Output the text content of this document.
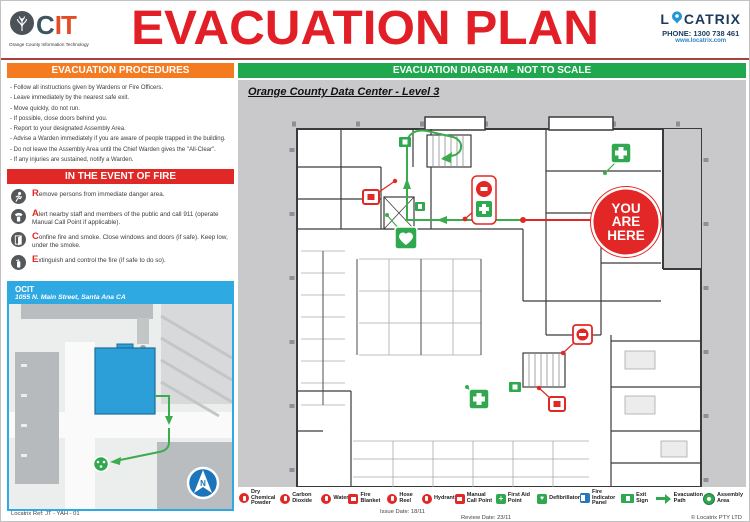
C IT
Orange County Information Technology EVACUATION PLAN	L CATRIX
PHONE: 1300 738 461
www.locatrix.com
EVACUATION PROCEDURES
- Follow all instructions given by Wardens or Fire Officers.
- Leave immediately by the nearest safe exit.
- Move quickly, do not run.
- If possible, close doors behind you.
- Report to your designated Assembly Area.
- Advise a Warden immediately if you are aware of people trapped in the building.
- Do not leave the Assembly Area until the Chief Warden gives the "All-Clear".
- If any injuries are sustained, notify a Warden.
IN THE EVENT OF FIRE

Remove persons from immediate danger area.

Alert nearby staff and members of the public and call 911 (operate Manual Call Point if applicable).

Confine fire and smoke. Close windows and doors (if safe). Keep low, under the smoke.

Extinguish and control the fire (if safe to do so).

OCIT
1055 N. Main Street, Santa Ana CA
N
EVACUATION DIAGRAM - NOT TO SCALE
Orange County Data Center - Level 3
YOU ARE HERE
Dry Chemical Powder
Carbon Dioxide	Water Fire Blanket
Hose Reel	Hydrant Manual Call Point
+
First Aid Point ♥	Defibrillator
Fire Indicator Panel
Exit Sign
Evacuation Path
Assembly Area
Locatrix Ref: JT - YAH - 01	Issue Date: 18/11
Review Date: 23/11	© Locatrix PTY LTD
